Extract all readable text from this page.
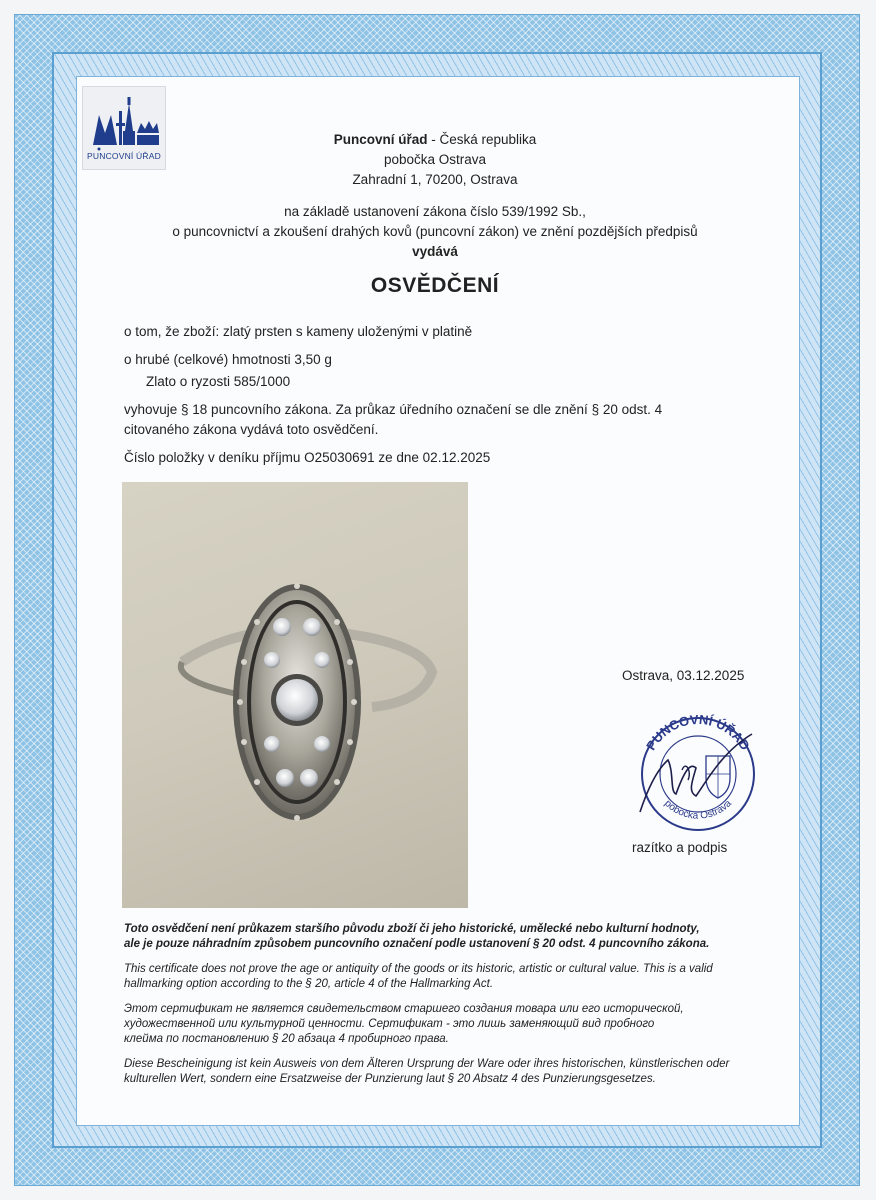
PUNCOVNÍ ÚŘAD
Puncovní úřad - Česká republika
pobočka Ostrava
Zahradní 1, 70200, Ostrava
na základě ustanovení zákona číslo 539/1992 Sb.,
o puncovnictví a zkoušení drahých kovů (puncovní zákon) ve znění pozdějších předpisů
vydává
OSVĚDČENÍ
o tom, že zboží: zlatý prsten s kameny uloženými v platině
o hrubé (celkové) hmotnosti 3,50 g
Zlato o ryzosti 585/1000
vyhovuje § 18 puncovního zákona. Za průkaz úředního označení se dle znění § 20 odst. 4
citovaného zákona vydává toto osvědčení.
Číslo položky v deníku příjmu O25030691 ze dne 02.12.2025
Ostrava, 03.12.2025
PUNCOVNÍ ÚŘAD
pobočka Ostrava
razítko a podpis

Toto osvědčení není průkazem staršího původu zboží či jeho historické, umělecké nebo kulturní hodnoty,
ale je pouze náhradním způsobem puncovního označení podle ustanovení § 20 odst. 4 puncovního zákona.

This certificate does not prove the age or antiquity of the goods or its historic, artistic or cultural value. This is a valid
hallmarking option according to the § 20, article 4 of the Hallmarking Act.

Этот сертификат не является свидетельством старшего создания товара или его исторической,
художественной или культурной ценности. Сертификат - это лишь заменяющий вид пробного
клейма по постановлению § 20 абзаца 4 пробирного права.

Diese Bescheinigung ist kein Ausweis von dem Älteren Ursprung der Ware oder ihres historischen, künstlerischen oder
kulturellen Wert, sondern eine Ersatzweise der Punzierung laut § 20 Absatz 4 des Punzierungsgesetzes.
